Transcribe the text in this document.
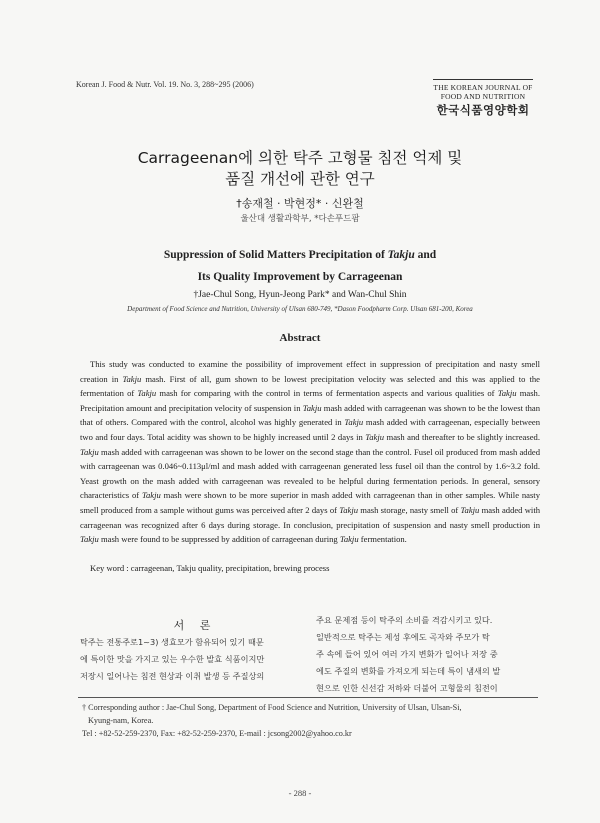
Korean J. Food & Nutr. Vol. 19. No. 3, 288~295 (2006)	THE KOREAN JOURNAL OF
FOOD AND NUTRITION
한국식품영양학회
Carrageenan에 의한 탁주 고형물 침전 억제 및
품질 개선에 관한 연구
†송재철 · 박현정* · 신완철
울산대 생활과학부, *다손푸드팜
Suppression of Solid Matters Precipitation of Takju and
Its Quality Improvement by Carrageenan
†Jae-Chul Song, Hyun-Jeong Park* and Wan-Chul Shin
Department of Food Science and Nutrition, University of Ulsan 680-749, *Dason Foodpharm Corp. Ulsan 681-200, Korea
Abstract

This study was conducted to examine the possibility of improvement effect in suppression of precipitation and nasty smell creation in Takju mash. First of all, gum shown to be lowest precipitation velocity was selected and this was applied to the fermentation of Takju mash for comparing with the control in terms of fermentation aspects and various qualities of Takju mash. Precipitation amount and precipitation velocity of suspension in Takju mash added with carrageenan was shown to be the lowest than that of others. Compared with the control, alcohol was highly generated in Takju mash added with carrageenan, especially between two and four days. Total acidity was shown to be highly increased until 2 days in Takju mash and thereafter to be slightly increased. Takju mash added with carrageenan was shown to be lower on the second stage than the control. Fusel oil produced from mash added with carrageenan was 0.046~0.113μl/ml and mash added with carrageenan generated less fusel oil than the control by 1.6~3.2 fold. Yeast growth on the mash added with carrageenan was revealed to be helpful during fermentation periods. In general, sensory characteristics of Takju mash were shown to be more superior in mash added with carrageenan than in other samples. While nasty smell produced from a sample without gums was perceived after 2 days of Takju mash storage, nasty smell of Takju mash added with carrageenan was recognized after 6 days during storage. In conclusion, precipitation of suspension and nasty smell production in Takju mash were found to be suppressed by addition of carrageenan during Takju fermentation.

Key word : carrageenan, Takju quality, precipitation, brewing process
서 론
탁주는 전통주로1~3) 생효모가 함유되어 있기 때문
에 특이한 맛을 가지고 있는 우수한 발효 식품이지만
저장시 일어나는 침전 현상과 이취 발생 등 주질상의
주요 문제점 등이 탁주의 소비를 격감시키고 있다.
일반적으로 탁주는 제성 후에도 곡자와 주모가 탁
주 속에 들어 있어 여러 가지 변화가 일어나 저장 중
에도 주질의 변화를 가져오게 되는데 특이 냄새의 발
현으로 인한 신선감 저하와 더불어 고형물의 침전이
† Corresponding author : Jae-Chul Song, Department of Food Science and Nutrition, University of Ulsan, Ulsan-Si,
Kyung-nam, Korea.
Tel : +82-52-259-2370, Fax: +82-52-259-2370, E-mail : jcsong2002@yahoo.co.kr
- 288 -
